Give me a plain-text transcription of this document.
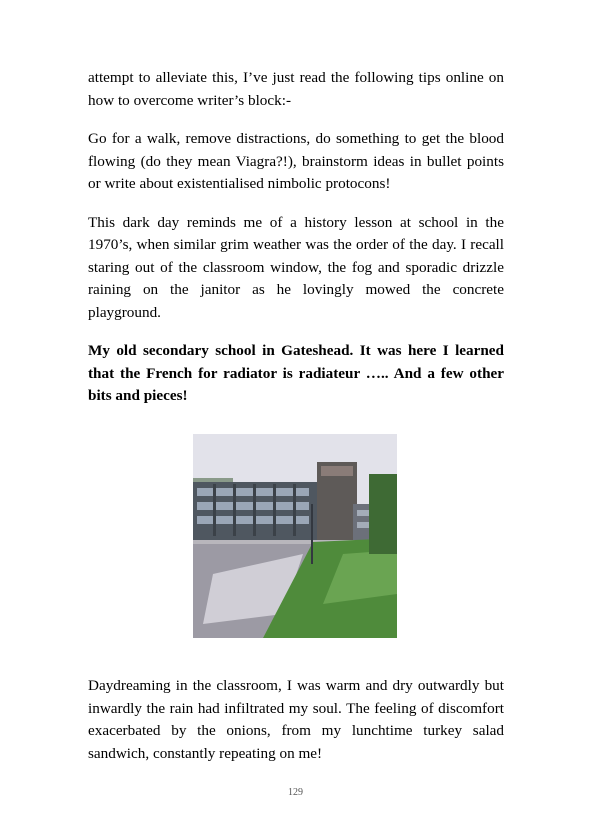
attempt to alleviate this, I’ve just read the following tips online on how to overcome writer’s block:-

Go for a walk, remove distractions, do something to get the blood flowing (do they mean Viagra?!), brainstorm ideas in bullet points or write about existentialised nimbolic protocons!

This dark day reminds me of a history lesson at school in the 1970’s, when similar grim weather was the order of the day. I recall staring out of the classroom window, the fog and sporadic drizzle raining on the janitor as he lovingly mowed the concrete playground.

My old secondary school in Gateshead. It was here I learned that the French for radiator is radiateur ….. And a few other bits and pieces!

Daydreaming in the classroom, I was warm and dry outwardly but inwardly the rain had infiltrated my soul. The feeling of discomfort exacerbated by the onions, from my lunchtime turkey salad sandwich, constantly repeating on me!

129
